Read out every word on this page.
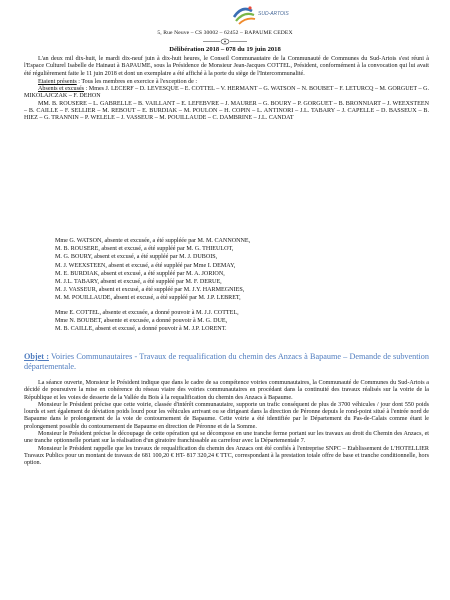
SUD-ARTOIS
5, Rue Neuve – CS 30002 – 62452 – BAPAUME CEDEX
Délibération 2018 – 078 du 19 juin 2018

L'an deux mil dix-huit, le mardi dix-neuf juin à dix-huit heures, le Conseil Communautaire de la Communauté de Communes du Sud-Artois s'est réuni à l'Espace Culturel Isabelle de Hainaut à BAPAUME, sous la Présidence de Monsieur Jean-Jacques COTTEL, Président, conformément à la convocation qui lui avait été régulièrement faite le 11 juin 2018 et dont un exemplaire a été affiché à la porte du siège de l'Intercommunalité.

Etaient présents : Tous les membres en exercice à l'exception de :

Absents et excusés : Mmes J. LECERF – D. LEVESQUE – E. COTTEL – V. HERMANT – G. WATSON – N. BOUBET – F. LETURCQ – M. GORGUET – G. MIKOLAJCZAK – F. DEHON

MM. B. ROUSERE – L. GABRELLE – B. VAILLANT – E. LEFEBVRE – J. MAURER – G. BOURY – P. GORGUET – B. BRONNIART – J. WEEXSTEEN – B. CAILLE – F. SELLIER – M. REBOUT – E. BURDIAK – M. POULON – H. COPIN – L. ANTINORI – J.L. TABARY – J. CAPELLE – D. BASSEUX – B. HIEZ – G. TRANNIN – P. WELELE – J. VASSEUR – M. POUILLAUDE – C. DAMBRINE – J.L. CANDAT

Mme G. WATSON, absente et excusée, a été suppléée par M. M. CANNONNE,
M. B. ROUSERE, absent et excusé, a été suppléé par M. G. THIEULOT,
M. G. BOURY, absent et excusé, a été suppléé par M. J. DUBOIS,
M. J. WEEXSTEEN, absent et excusé, a été suppléé par Mme I. DEMAY,
M. E. BURDIAK, absent et excusé, a été suppléé par M. A. JORION,
M. J.L. TABARY, absent et excusé, a été suppléé par M. F. DERUE,
M. J. VASSEUR, absent et excusé, a été suppléé par M. J.Y. HARMEGNIES,
M. M. POUILLAUDE, absent et excusé, a été suppléé par M. J.P. LEBRET,
Mme E. COTTEL, absente et excusée, a donné pouvoir à M. J.J. COTTEL,
Mme N. BOUBET, absente et excusée, a donné pouvoir à M. G. DUE,
M. B. CAILLE, absent et excusé, a donné pouvoir à M. J.P. LORENT.
Objet : Voiries Communautaires - Travaux de requalification du chemin des Anzacs à Bapaume – Demande de subvention départementale.

La séance ouverte, Monsieur le Président indique que dans le cadre de sa compétence voiries communautaires, la Communauté de Communes du Sud-Artois a décidé de poursuivre la mise en cohérence du réseau viaire des voiries communautaires en procédant dans la continuité des travaux réalisés sur la voirie de la République et les voies de desserte de la Vallée du Bois à la requalification du chemin des Anzacs à Bapaume.

Monsieur le Président précise que cette voirie, classée d'intérêt communautaire, supporte un trafic conséquent de plus de 3700 véhicules / jour dont 550 poids lourds et sert également de déviation poids lourd pour les véhicules arrivant ou se dirigeant dans la direction de Péronne depuis le rond-point situé à l'entrée nord de Bapaume dans le prolongement de la voie de contournement de Bapaume. Cette voirie a été identifiée par le Département du Pas-de-Calais comme étant le prolongement possible du contournement de Bapaume en direction de Péronne et de la Somme.

Monsieur le Président précise le découpage de cette opération qui se décompose en une tranche ferme portant sur les travaux au droit du Chemin des Anzacs, et une tranche optionnelle portant sur la réalisation d'un giratoire franchissable au carrefour avec la Départementale 7.

Monsieur le Président rappelle que les travaux de requalification du chemin des Anzacs ont été confiés à l'entreprise SNPC – Etablissement de L'HOTELLIER Travaux Publics pour un montant de travaux de 681 100,20 € HT- 817 320,24 € TTC, correspondant à la prestation totale offre de base et tranche conditionnelle, hors option.
